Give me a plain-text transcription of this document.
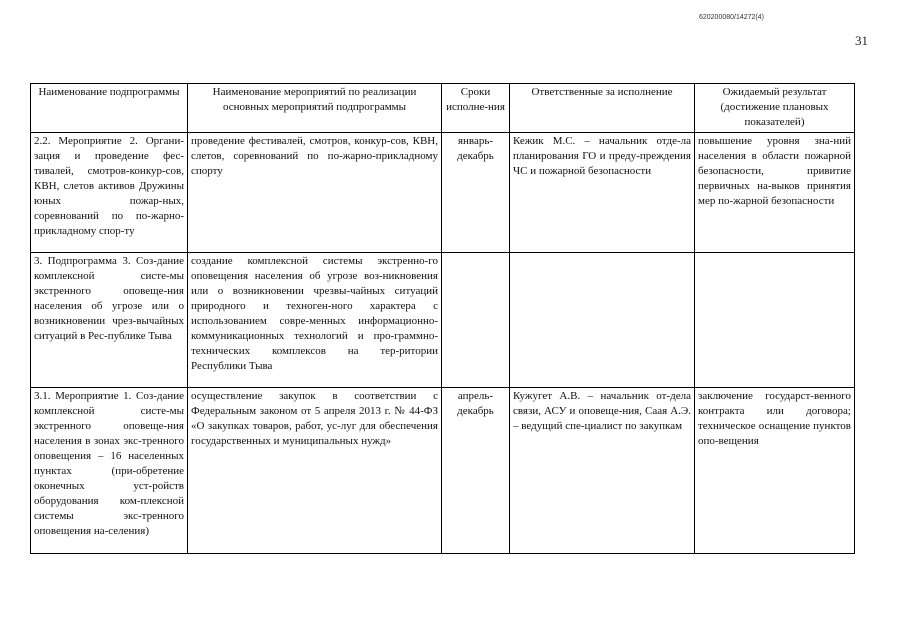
620200080/14272(4)
31
Наименование подпрограммы	Наименование мероприятий по реализации основных мероприятий подпрограммы	Сроки исполне-ния	Ответственные за исполнение	Ожидаемый результат (достижение плановых показателей)
2.2. Мероприятие 2. Органи-зация и проведение фес-тивалей, смотров-конкур-сов, КВН, слетов активов Дружины юных пожар-ных, соревнований по по-жарно-прикладному спор-ту	проведение фестивалей, смотров, конкур-сов, КВН, слетов, соревнований по по-жарно-прикладному спорту	январь-декабрь	Кежик М.С. – начальник отде-ла планирования ГО и преду-преждения ЧС и пожарной безопасности	повышение уровня зна-ний населения в области пожарной безопасности, привитие первичных на-выков принятия мер по-жарной безопасности
3. Подпрограмма 3. Соз-дание комплексной систе-мы экстренного оповеще-ния населения об угрозе или о возникновении чрез-вычайных ситуаций в Рес-публике Тыва	создание комплексной системы экстренно-го оповещения населения об угрозе воз-никновения или о возникновении чрезвы-чайных ситуаций природного и техноген-ного характера с использованием совре-менных информационно-коммуникационных технологий и про-граммно-технических комплексов на тер-ритории Республики Тыва			
3.1. Мероприятие 1. Соз-дание комплексной систе-мы экстренного оповеще-ния населения в зонах экс-тренного оповещения – 16 населенных пунктах (при-обретение оконечных уст-ройств оборудования ком-плексной системы экс-тренного оповещения на-селения)	осуществление закупок в соответствии с Федеральным законом от 5 апреля 2013 г. № 44-ФЗ «О закупках товаров, работ, ус-луг для обеспечения государственных и муниципальных нужд»	апрель-декабрь	Кужугет А.В. – начальник от-дела связи, АСУ и оповеще-ния, Саая А.Э. – ведущий спе-циалист по закупкам	заключение государст-венного контракта или договора; техническое оснащение пунктов опо-вещения
